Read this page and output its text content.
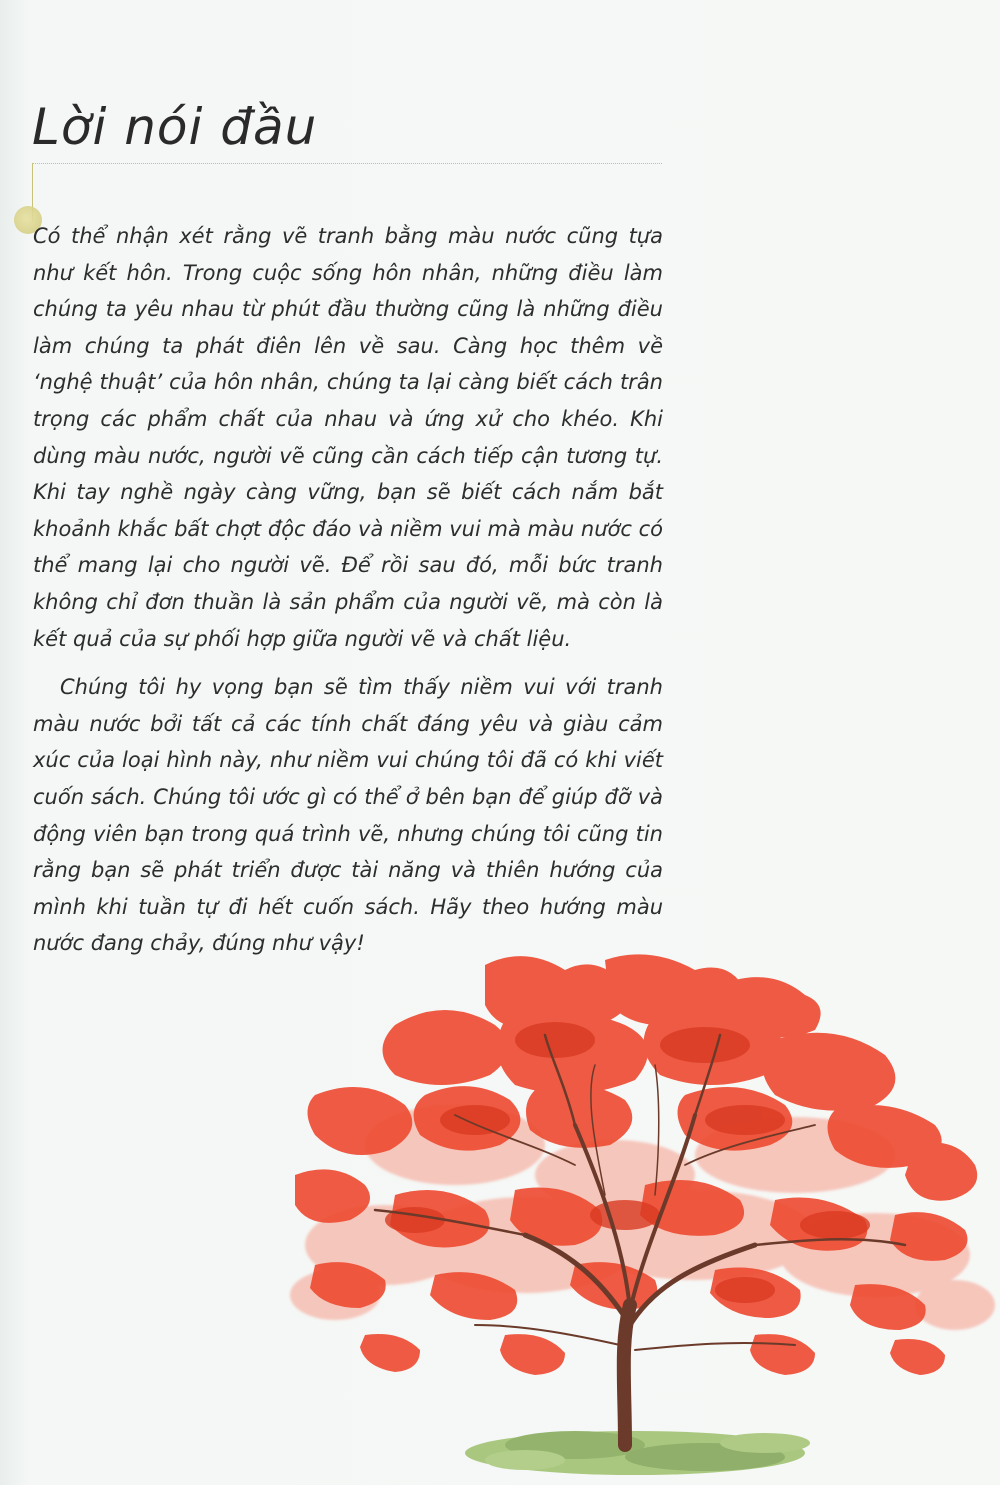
Lời nói đầu

Có thể nhận xét rằng vẽ tranh bằng màu nước cũng tựa như kết hôn. Trong cuộc sống hôn nhân, những điều làm chúng ta yêu nhau từ phút đầu thường cũng là những điều làm chúng ta phát điên lên về sau. Càng học thêm về ‘nghệ thuật’ của hôn nhân, chúng ta lại càng biết cách trân trọng các phẩm chất của nhau và ứng xử cho khéo. Khi dùng màu nước, người vẽ cũng cần cách tiếp cận tương tự. Khi tay nghề ngày càng vững, bạn sẽ biết cách nắm bắt khoảnh khắc bất chợt độc đáo và niềm vui mà màu nước có thể mang lại cho người vẽ. Để rồi sau đó, mỗi bức tranh không chỉ đơn thuần là sản phẩm của người vẽ, mà còn là kết quả của sự phối hợp giữa người vẽ và chất liệu.

Chúng tôi hy vọng bạn sẽ tìm thấy niềm vui với tranh màu nước bởi tất cả các tính chất đáng yêu và giàu cảm xúc của loại hình này, như niềm vui chúng tôi đã có khi viết cuốn sách. Chúng tôi ước gì có thể ở bên bạn để giúp đỡ và động viên bạn trong quá trình vẽ, nhưng chúng tôi cũng tin rằng bạn sẽ phát triển được tài năng và thiên hướng của mình khi tuần tự đi hết cuốn sách. Hãy theo hướng màu nước đang chảy, đúng như vậy!
